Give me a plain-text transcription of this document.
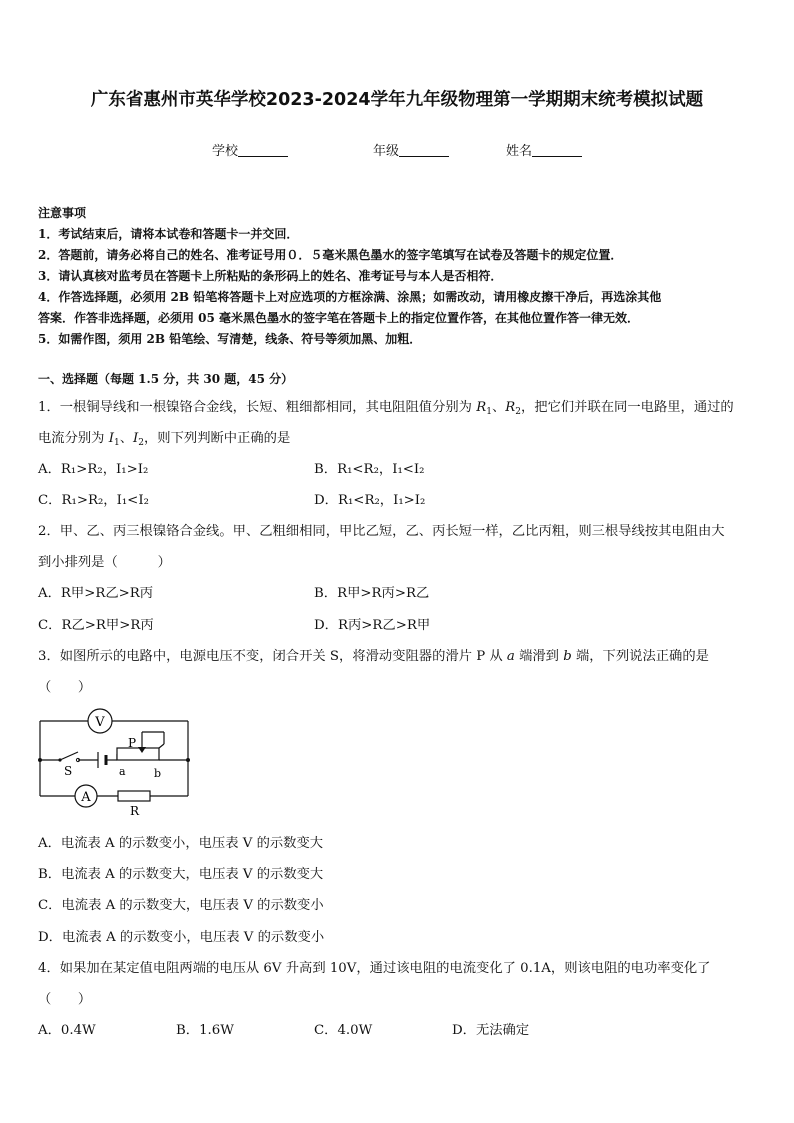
广东省惠州市英华学校2023-2024学年九年级物理第一学期期末统考模拟试题
学校	年级	姓名
注意事项
1．考试结束后，请将本试卷和答题卡一并交回．
2．答题前，请务必将自己的姓名、准考证号用０．５毫米黑色墨水的签字笔填写在试卷及答题卡的规定位置．
3．请认真核对监考员在答题卡上所粘贴的条形码上的姓名、准考证号与本人是否相符．
4．作答选择题，必须用 2B 铅笔将答题卡上对应选项的方框涂满、涂黑；如需改动，请用橡皮擦干净后，再选涂其他
答案．作答非选择题，必须用 05 毫米黑色墨水的签字笔在答题卡上的指定位置作答，在其他位置作答一律无效．
5．如需作图，须用 2B 铅笔绘、写清楚，线条、符号等须加黑、加粗．
一、选择题（每题 1.5 分，共 30 题，45 分）
1．一根铜导线和一根镍铬合金线，长短、粗细都相同，其电阻阻值分别为 $R_1$、$R_2$，把它们并联在同一电路里，通过的
电流分别为 $I_1$、$I_2$，则下列判断中正确的是
A．R₁>R₂，I₁>I₂	B．R₁<R₂，I₁<I₂
C．R₁>R₂，I₁<I₂	D．R₁<R₂，I₁>I₂
2．甲、乙、丙三根镍铬合金线。甲、乙粗细相同，甲比乙短，乙、丙长短一样，乙比丙粗，则三根导线按其电阻由大
到小排列是（　　　）
A．R甲>R乙>R丙	B．R甲>R丙>R乙
C．R乙>R甲>R丙	D．R丙>R乙>R甲
3．如图所示的电路中，电源电压不变，闭合开关 S，将滑动变阻器的滑片 P 从 a 端滑到 b 端，下列说法正确的是
（　　）
V
S
P
a	b
A
R
A．电流表 A 的示数变小，电压表 V 的示数变大
B．电流表 A 的示数变大，电压表 V 的示数变大
C．电流表 A 的示数变大，电压表 V 的示数变小
D．电流表 A 的示数变小，电压表 V 的示数变小
4．如果加在某定值电阻两端的电压从 6V 升高到 10V，通过该电阻的电流变化了 0.1A，则该电阻的电功率变化了
（　　）
A．0.4W	B．1.6W	C．4.0W	D．无法确定
